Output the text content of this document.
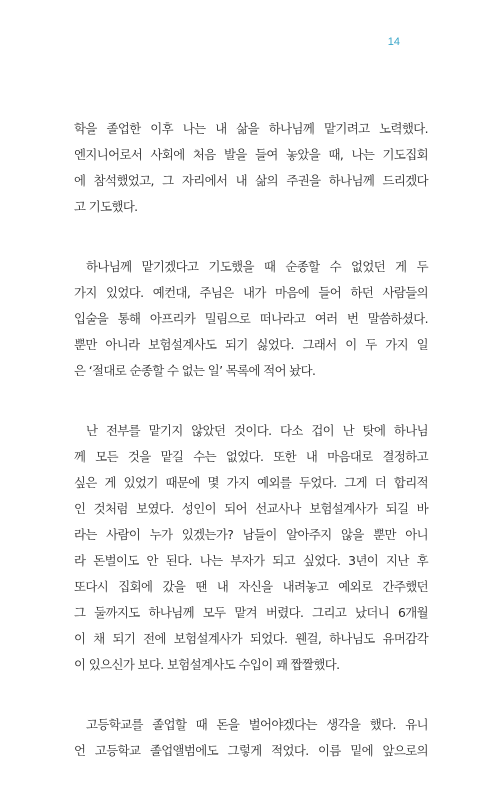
14
학을 졸업한 이후 나는 내 삶을 하나님께 맡기려고 노력했다.
엔지니어로서 사회에 처음 발을 들여 놓았을 때, 나는 기도집회
에 참석했었고, 그 자리에서 내 삶의 주권을 하나님께 드리겠다
고 기도했다.
하나님께 맡기겠다고 기도했을 때 순종할 수 없었던 게 두
가지 있었다. 예컨대, 주님은 내가 마음에 들어 하던 사람들의
입술을 통해 아프리카 밀림으로 떠나라고 여러 번 말씀하셨다.
뿐만 아니라 보험설계사도 되기 싫었다. 그래서 이 두 가지 일
은 ‘절대로 순종할 수 없는 일’ 목록에 적어 놨다.
난 전부를 맡기지 않았던 것이다. 다소 겁이 난 탓에 하나님
께 모든 것을 맡길 수는 없었다. 또한 내 마음대로 결정하고
싶은 게 있었기 때문에 몇 가지 예외를 두었다. 그게 더 합리적
인 것처럼 보였다. 성인이 되어 선교사나 보험설계사가 되길 바
라는 사람이 누가 있겠는가? 남들이 알아주지 않을 뿐만 아니
라 돈벌이도 안 된다. 나는 부자가 되고 싶었다. 3년이 지난 후
또다시 집회에 갔을 땐 내 자신을 내려놓고 예외로 간주했던
그 둘까지도 하나님께 모두 맡겨 버렸다. 그리고 났더니 6개월
이 채 되기 전에 보험설계사가 되었다. 웬걸, 하나님도 유머감각
이 있으신가 보다. 보험설계사도 수입이 꽤 짭짤했다.
고등학교를 졸업할 때 돈을 벌어야겠다는 생각을 했다. 유니
언 고등학교 졸업앨범에도 그렇게 적었다. 이름 밑에 앞으로의
